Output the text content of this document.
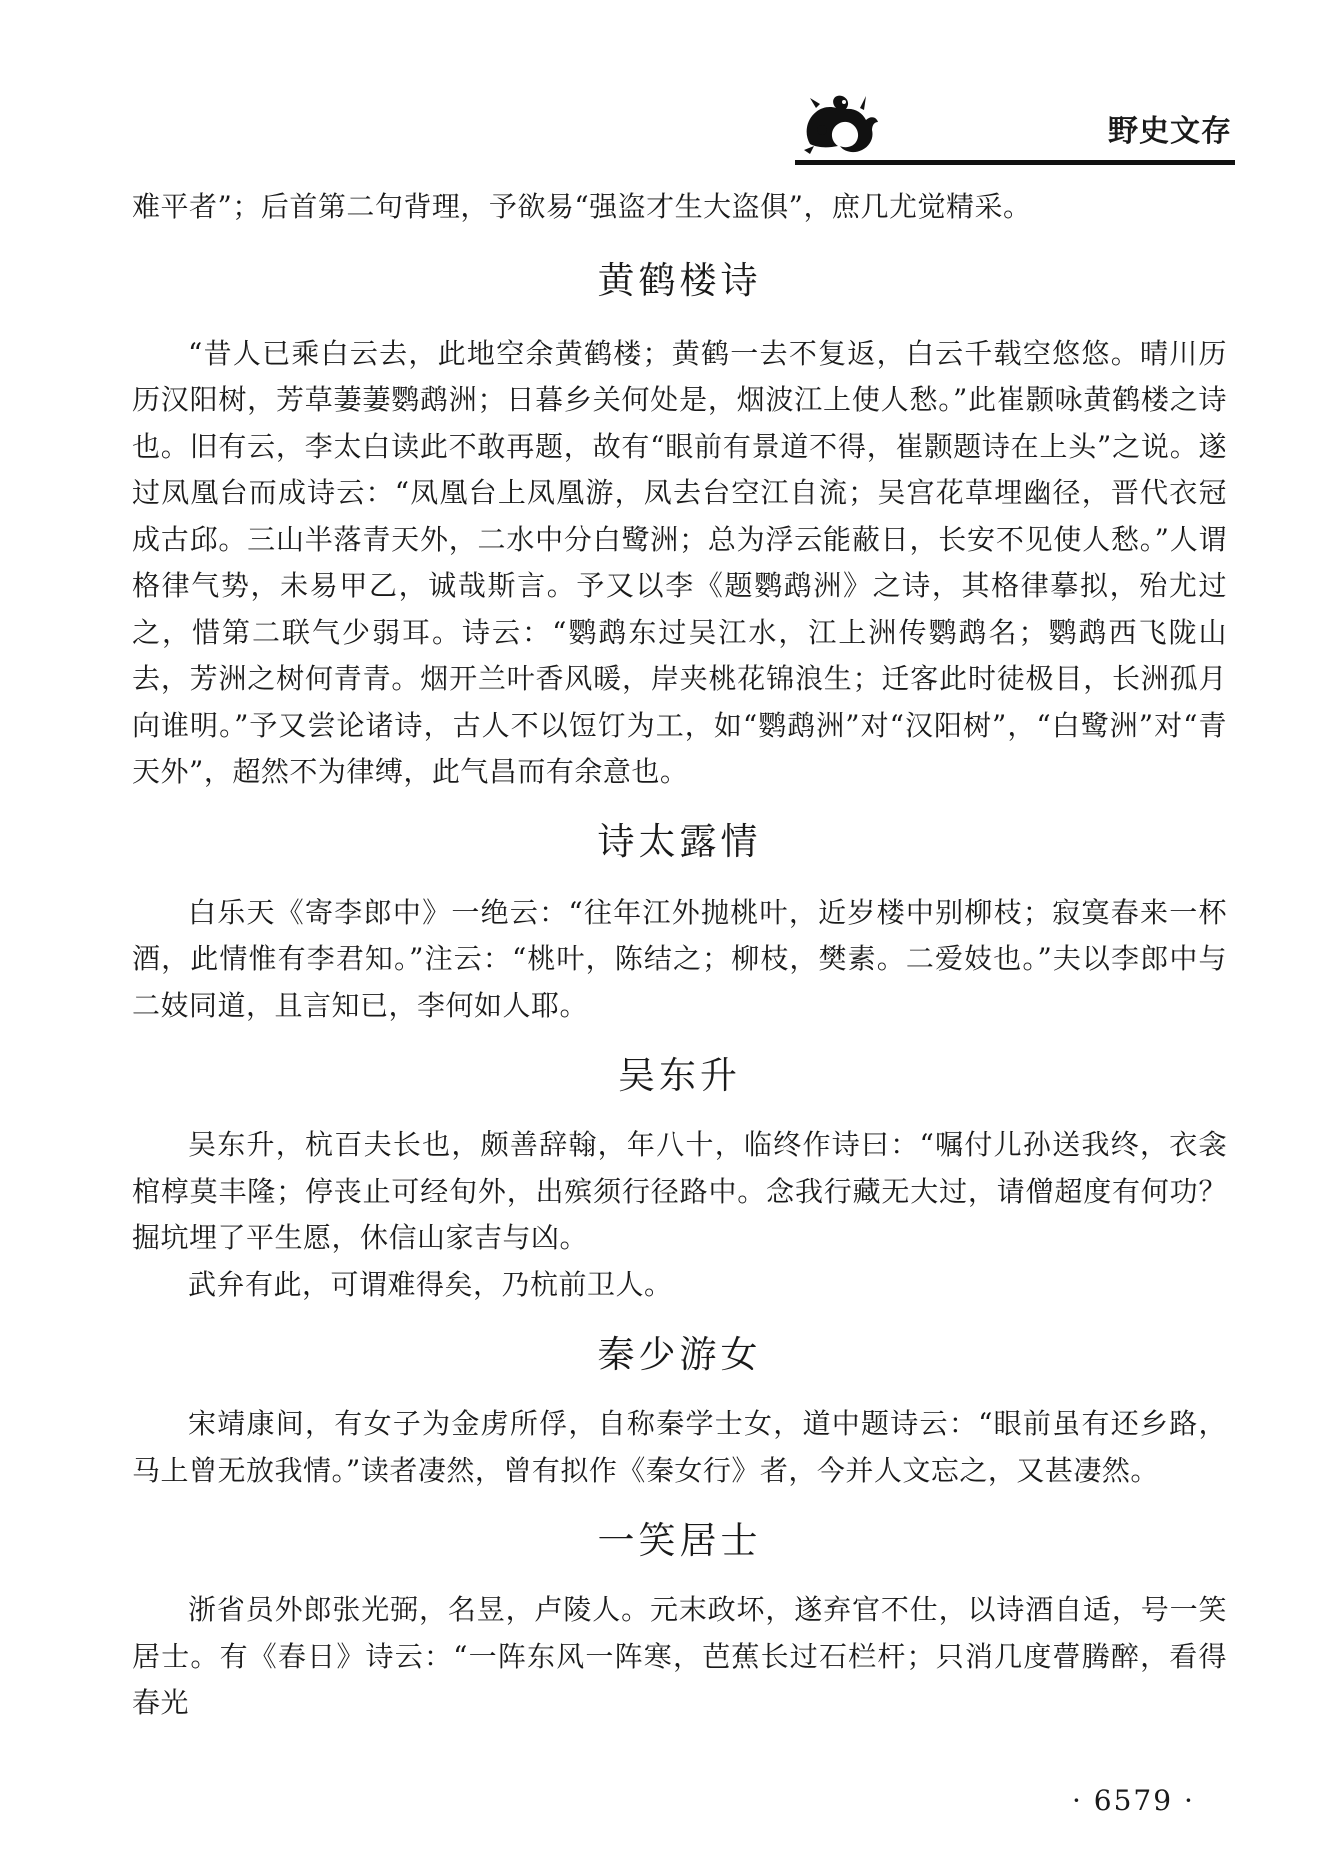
野史文存

难平者”；后首第二句背理，予欲易“强盗才生大盗俱”，庶几尤觉精采。

黄鹤楼诗

“昔人已乘白云去，此地空余黄鹤楼；黄鹤一去不复返，白云千载空悠悠。晴川历历汉阳树，芳草萋萋鹦鹉洲；日暮乡关何处是，烟波江上使人愁。”此崔颢咏黄鹤楼之诗也。旧有云，李太白读此不敢再题，故有“眼前有景道不得，崔颢题诗在上头”之说。遂过凤凰台而成诗云：“凤凰台上凤凰游，凤去台空江自流；吴宫花草埋幽径，晋代衣冠成古邱。三山半落青天外，二水中分白鹭洲；总为浮云能蔽日，长安不见使人愁。”人谓格律气势，未易甲乙，诚哉斯言。予又以李《题鹦鹉洲》之诗，其格律摹拟，殆尤过之，惜第二联气少弱耳。诗云：“鹦鹉东过吴江水，江上洲传鹦鹉名；鹦鹉西飞陇山去，芳洲之树何青青。烟开兰叶香风暖，岸夹桃花锦浪生；迁客此时徒极目，长洲孤月向谁明。”予又尝论诸诗，古人不以饾饤为工，如“鹦鹉洲”对“汉阳树”，“白鹭洲”对“青天外”，超然不为律缚，此气昌而有余意也。

诗太露情

白乐天《寄李郎中》一绝云：“往年江外抛桃叶，近岁楼中别柳枝；寂寞春来一杯酒，此情惟有李君知。”注云：“桃叶，陈结之；柳枝，樊素。二爱妓也。”夫以李郎中与二妓同道，且言知已，李何如人耶。

吴东升

吴东升，杭百夫长也，颇善辞翰，年八十，临终作诗曰：“嘱付儿孙送我终，衣衾棺椁莫丰隆；停丧止可经旬外，出殡须行径路中。念我行藏无大过，请僧超度有何功？掘坑埋了平生愿，休信山家吉与凶。

武弁有此，可谓难得矣，乃杭前卫人。

秦少游女

宋靖康间，有女子为金虏所俘，自称秦学士女，道中题诗云：“眼前虽有还乡路，马上曾无放我情。”读者凄然，曾有拟作《秦女行》者，今并人文忘之，又甚凄然。

一笑居士

浙省员外郎张光弼，名昱，卢陵人。元末政坏，遂弃官不仕，以诗酒自适，号一笑居士。有《春日》诗云：“一阵东风一阵寒，芭蕉长过石栏杆；只消几度瞢腾醉，看得春光

· 6579 ·
